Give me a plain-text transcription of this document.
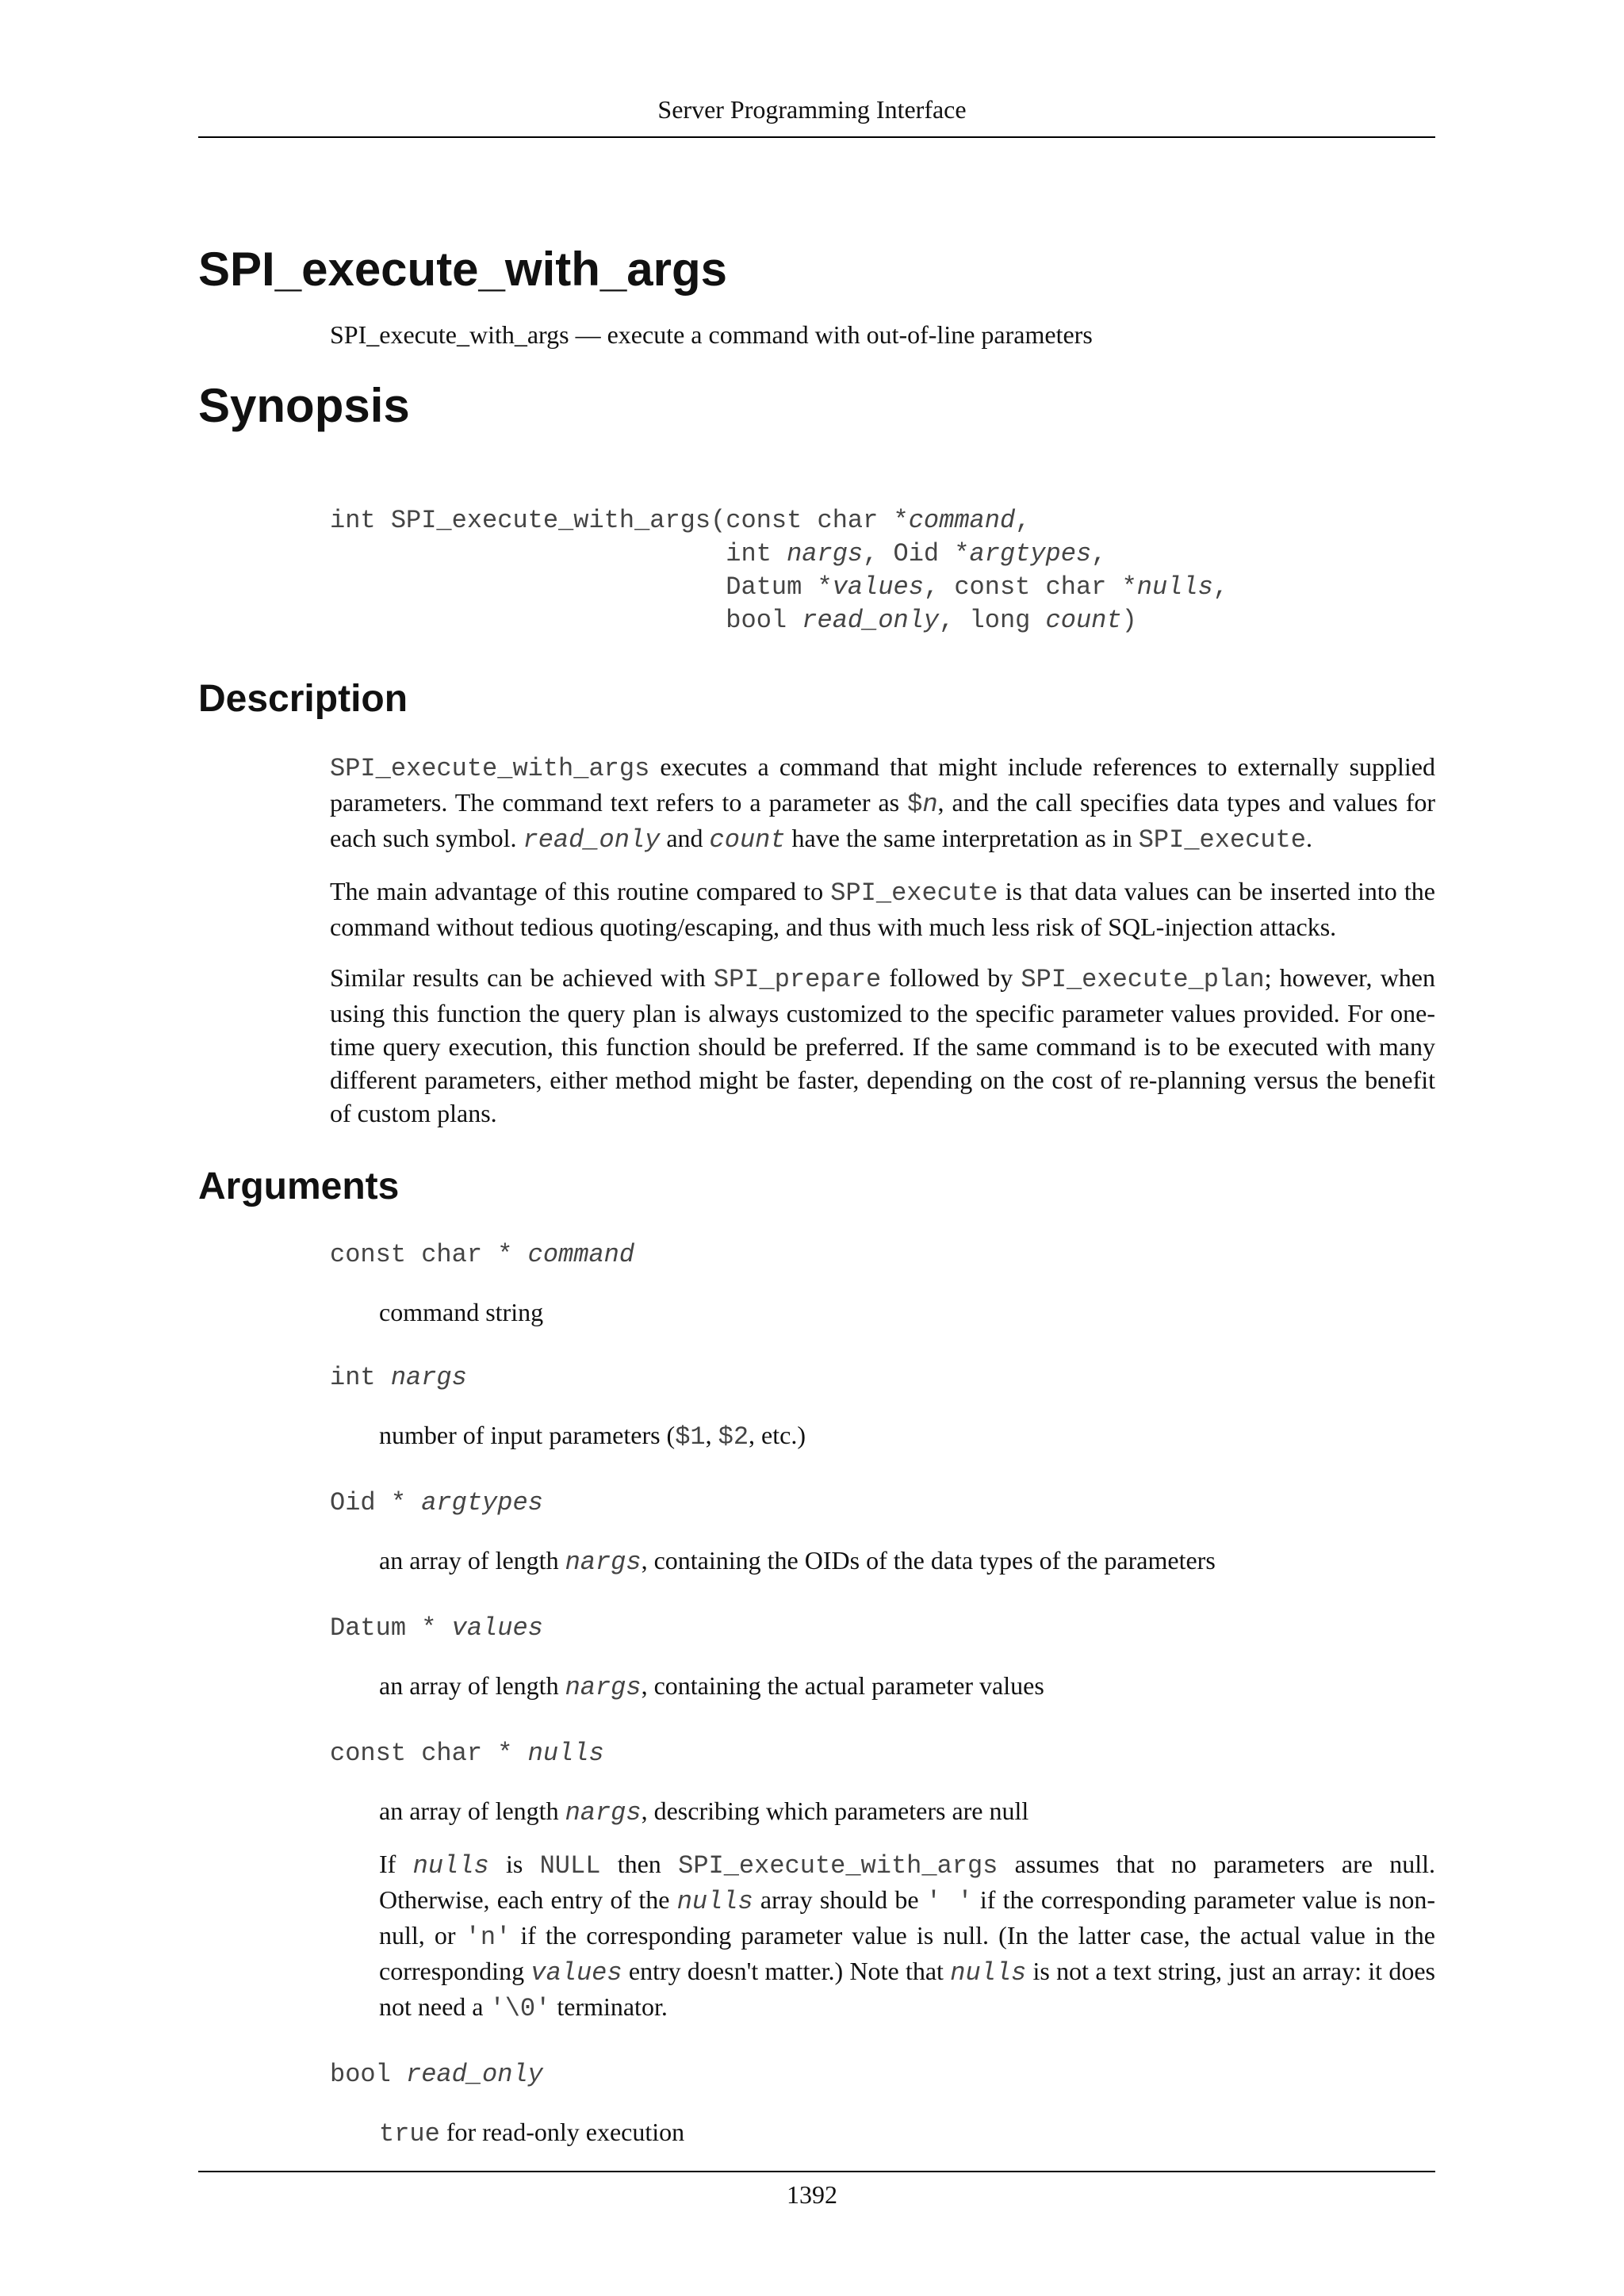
Server Programming Interface
SPI_execute_with_args
SPI_execute_with_args — execute a command with out-of-line parameters
Synopsis
int SPI_execute_with_args(const char *command,
int nargs, Oid *argtypes,
Datum *values, const char *nulls,
bool read_only, long count)
Description

SPI_execute_with_args executes a command that might include references to externally supplied parameters. The command text refers to a parameter as $n, and the call specifies data types and values for each such symbol. read_only and count have the same interpretation as in SPI_execute.

The main advantage of this routine compared to SPI_execute is that data values can be inserted into the command without tedious quoting/escaping, and thus with much less risk of SQL-injection attacks.

Similar results can be achieved with SPI_prepare followed by SPI_execute_plan; however, when using this function the query plan is always customized to the specific parameter values provided. For one-time query execution, this function should be preferred. If the same command is to be executed with many different parameters, either method might be faster, depending on the cost of re-planning versus the benefit of custom plans.

Arguments
const char * command
command string
int nargs
number of input parameters ($1, $2, etc.)
Oid * argtypes
an array of length nargs, containing the OIDs of the data types of the parameters
Datum * values
an array of length nargs, containing the actual parameter values
const char * nulls
an array of length nargs, describing which parameters are null
If nulls is NULL then SPI_execute_with_args assumes that no parameters are null. Otherwise, each entry of the nulls array should be ' ' if the corresponding parameter value is non-null, or 'n' if the corresponding parameter value is null. (In the latter case, the actual value in the corresponding values entry doesn't matter.) Note that nulls is not a text string, just an array: it does not need a '\0' terminator.
bool read_only
true for read-only execution
1392
